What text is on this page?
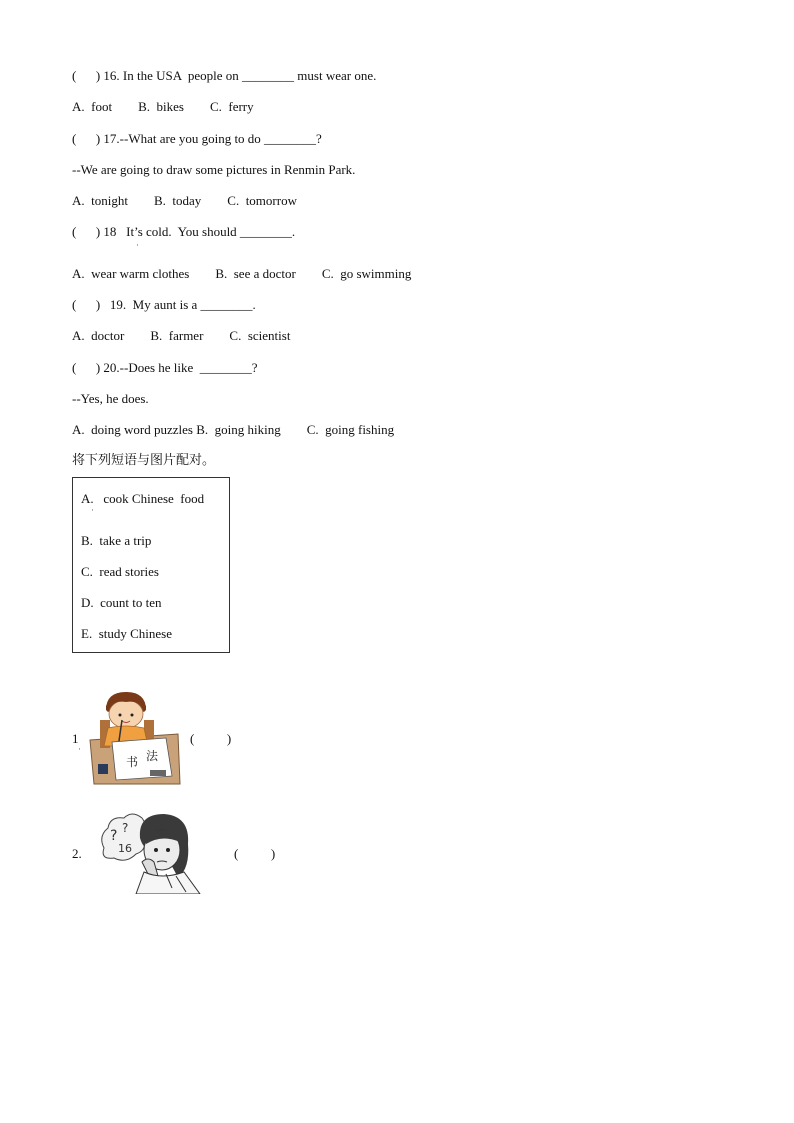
(      ) 16. In the USA  people on ________ must wear one.
A.  foot        B.  bikes        C.  ferry
(      ) 17.--What are you going to do ________?
--We are going to draw some pictures in Renmin Park.
A.  tonight        B.  today        C.  tomorrow
(      ) 18   It’s cold.  You should ________.
·
A.  wear warm clothes        B.  see a doctor        C.  go swimming
(      )   19.  My aunt is a ________.
A.  doctor        B.  farmer        C.  scientist
(      ) 20.--Does he like  ________?
--Yes, he does.
A.  doing word puzzles B.  going hiking        C.  going fishing
将下列短语与图片配对。
A.   cook Chinese  food
·
B.  take a trip
C.  read stories
D.  count to ten
E.  study Chinese
1
·
书 法
(          )
2.
? ?
16	(          )
